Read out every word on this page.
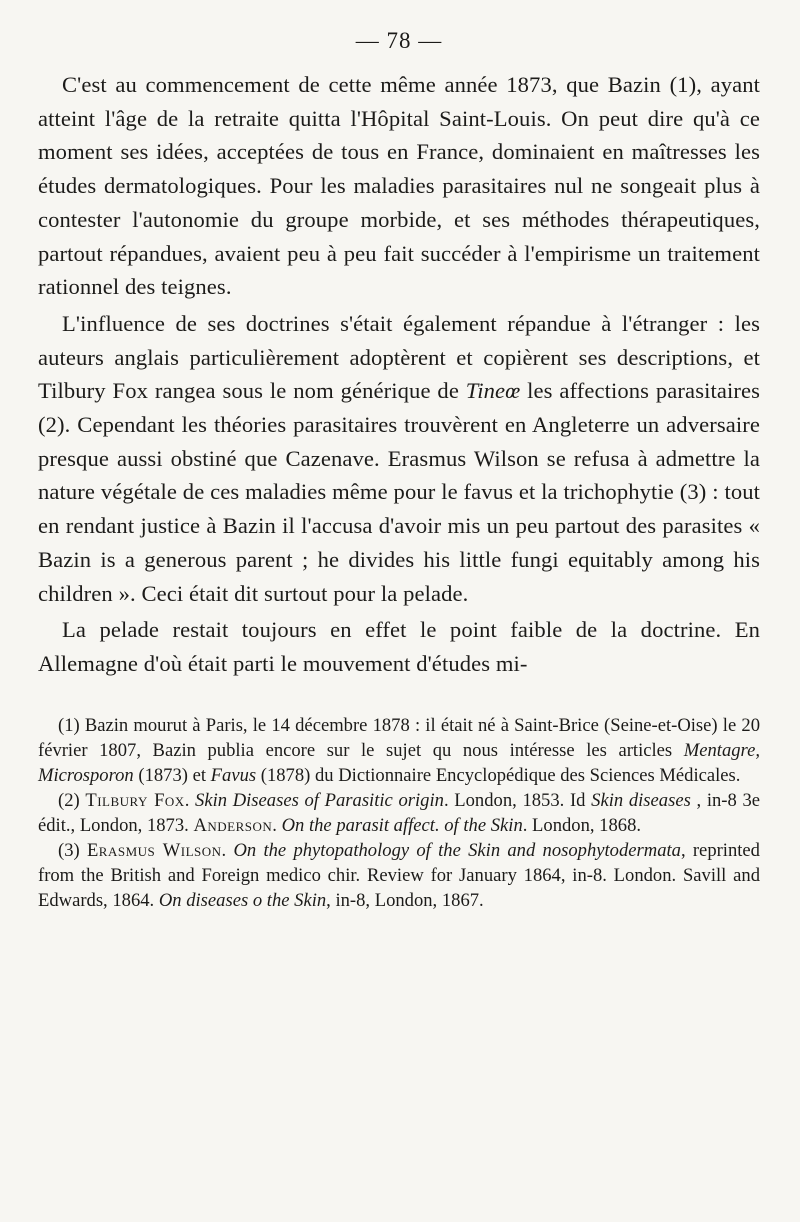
— 78 —

C'est au commencement de cette même année 1873, que Bazin (1), ayant atteint l'âge de la retraite quitta l'Hôpital Saint-Louis. On peut dire qu'à ce moment ses idées, acceptées de tous en France, dominaient en maîtresses les études dermatologiques. Pour les maladies parasitaires nul ne songeait plus à contester l'autonomie du groupe morbide, et ses méthodes thérapeutiques, partout répandues, avaient peu à peu fait succéder à l'empirisme un traitement rationnel des teignes.

L'influence de ses doctrines s'était également répandue à l'étranger : les auteurs anglais particulièrement adoptèrent et copièrent ses descriptions, et Tilbury Fox rangea sous le nom générique de Tineœ les affections parasitaires (2). Cependant les théories parasitaires trouvèrent en Angleterre un adversaire presque aussi obstiné que Cazenave. Erasmus Wilson se refusa à admettre la nature végétale de ces maladies même pour le favus et la trichophytie (3) : tout en rendant justice à Bazin il l'accusa d'avoir mis un peu partout des parasites « Bazin is a generous parent ; he divides his little fungi equitably among his children ». Ceci était dit surtout pour la pelade.

La pelade restait toujours en effet le point faible de la doctrine. En Allemagne d'où était parti le mouvement d'études mi-

(1) Bazin mourut à Paris, le 14 décembre 1878 : il était né à Saint-Brice (Seine-et-Oise) le 20 février 1807, Bazin publia encore sur le sujet qu nous intéresse les articles Mentagre, Microsporon (1873) et Favus (1878) du Dictionnaire Encyclopédique des Sciences Médicales.

(2) Tilbury Fox. Skin Diseases of Parasitic origin. London, 1853. Id Skin diseases , in-8 3e édit., London, 1873. Anderson. On the parasit affect. of the Skin. London, 1868.

(3) Erasmus Wilson. On the phytopathology of the Skin and nosophytodermata, reprinted from the British and Foreign medico chir. Review for January 1864, in-8. London. Savill and Edwards, 1864. On diseases o the Skin, in-8, London, 1867.
